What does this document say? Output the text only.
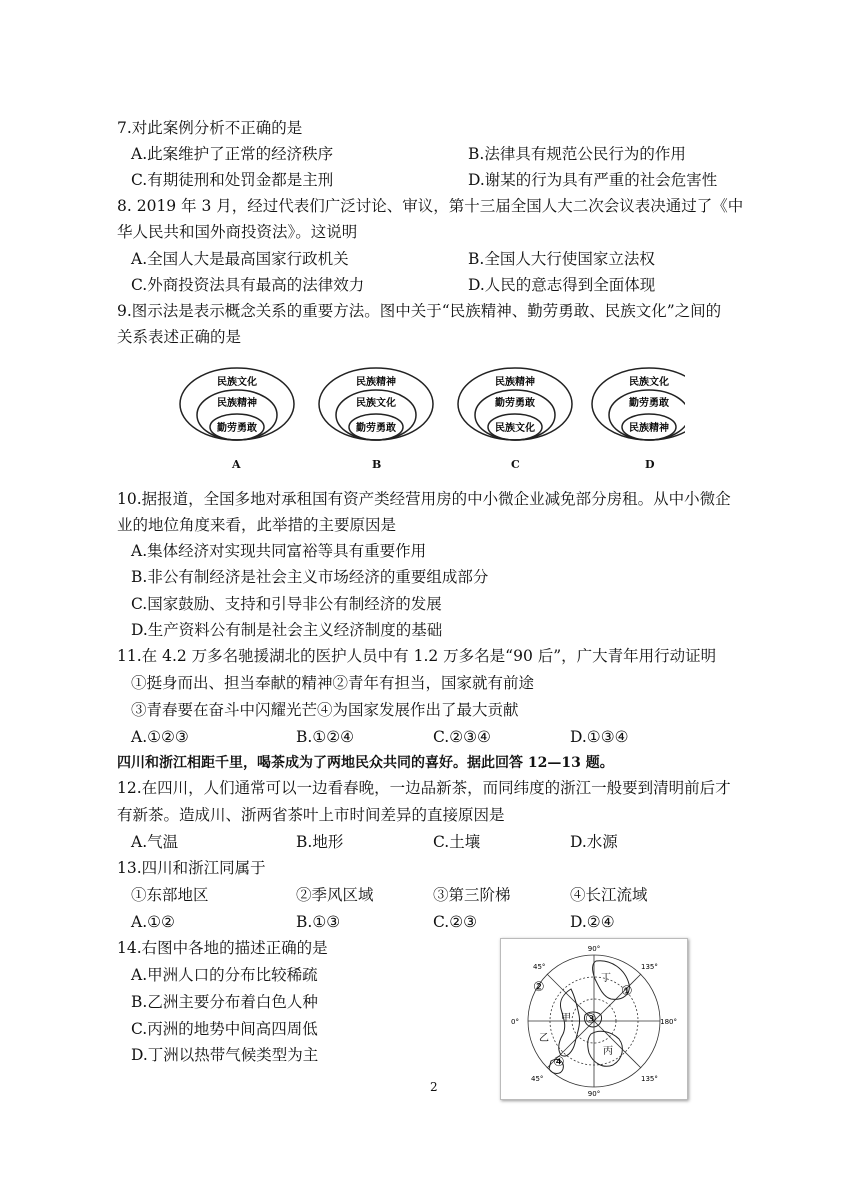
7.对此案例分析不正确的是
A.此案维护了正常的经济秩序	B.法律具有规范公民行为的作用
C.有期徒刑和处罚金都是主刑	D.谢某的行为具有严重的社会危害性
8. 2019 年 3 月，经过代表们广泛讨论、审议，第十三届全国人大二次会议表决通过了《中
华人民共和国外商投资法》。这说明
A.全国人大是最高国家行政机关	B.全国人大行使国家立法权
C.外商投资法具有最高的法律效力	D.人民的意志得到全面体现
9.图示法是表示概念关系的重要方法。图中关于“民族精神、勤劳勇敢、民族文化”之间的
关系表述正确的是
民族文化
民族精神
勤劳勇敢
民族精神
民族文化
勤劳勇敢
民族精神
勤劳勇敢
民族文化
民族文化
勤劳勇敢
民族精神
A	B	C	D
10.据报道，全国多地对承租国有资产类经营用房的中小微企业减免部分房租。从中小微企
业的地位角度来看，此举措的主要原因是
A.集体经济对实现共同富裕等具有重要作用
B.非公有制经济是社会主义市场经济的重要组成部分
C.国家鼓励、支持和引导非公有制经济的发展
D.生产资料公有制是社会主义经济制度的基础
11.在 4.2 万多名驰援湖北的医护人员中有 1.2 万多名是“90 后”，广大青年用行动证明
①挺身而出、担当奉献的精神②青年有担当，国家就有前途
③青春要在奋斗中闪耀光芒④为国家发展作出了最大贡献
A.①②③	B.①②④	C.②③④	D.①③④
四川和浙江相距千里，喝茶成为了两地民众共同的喜好。据此回答 12—13 题。
12.在四川，人们通常可以一边看春晚，一边品新茶，而同纬度的浙江一般要到清明前后才
有新茶。造成川、浙两省茶叶上市时间差异的直接原因是
A.气温	B.地形	C.土壤	D.水源
13.四川和浙江同属于
①东部地区	②季风区域	③第三阶梯	④长江流域
A.①②	B.①③	C.②③	D.②④
14.右图中各地的描述正确的是
A.甲洲人口的分布比较稀疏
B.乙洲主要分布着白色人种
C.丙洲的地势中间高四周低
D.丁洲以热带气候类型为主
90°
90°
0°	180°
45°	135°
45°	135°
①
②
③
④
甲
乙
丙
丁
2
